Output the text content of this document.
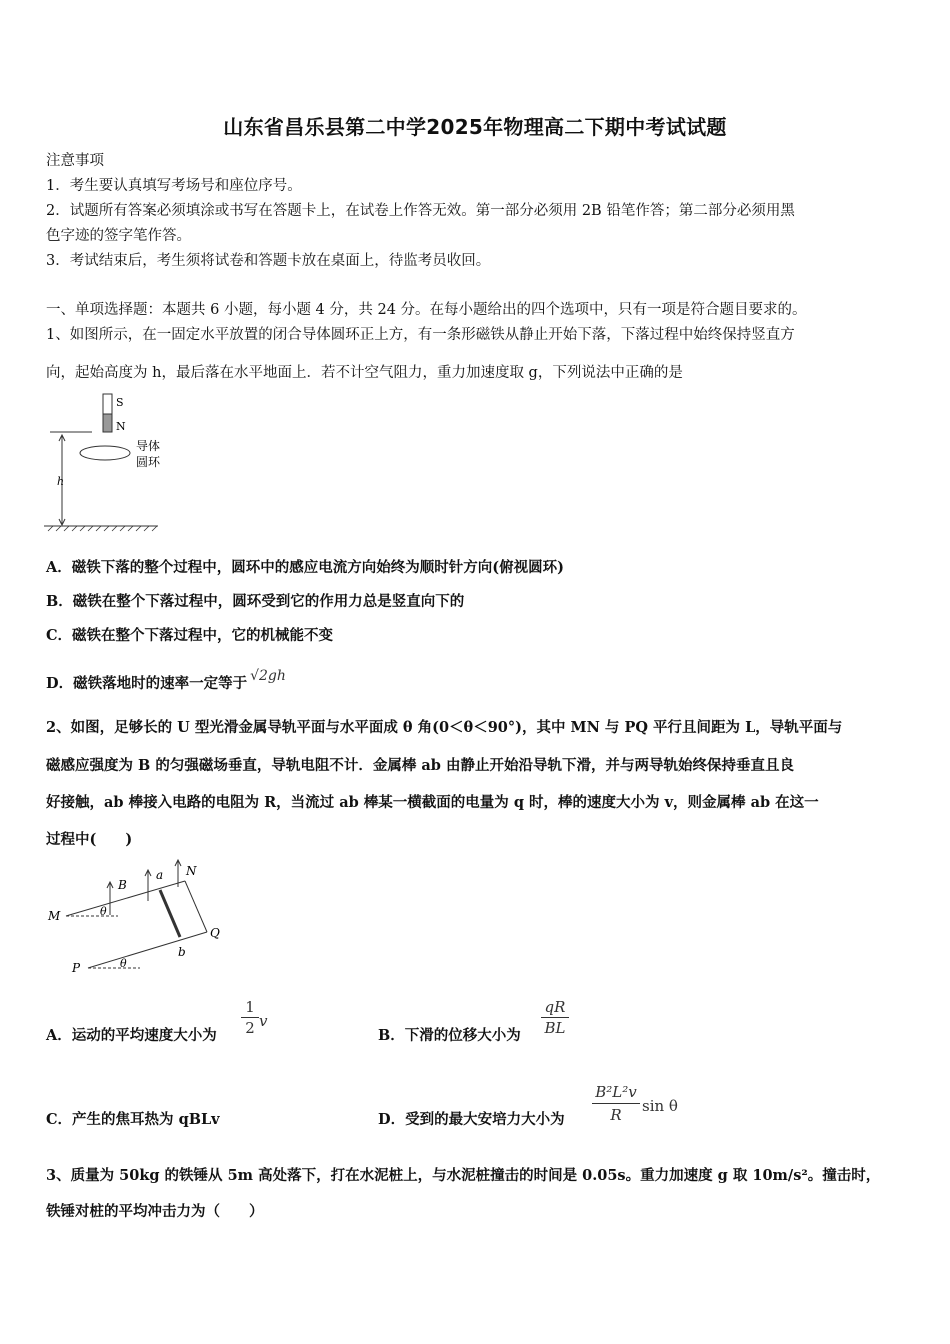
山东省昌乐县第二中学2025年物理高二下期中考试试题
注意事项
1．考生要认真填写考场号和座位序号。
2．试题所有答案必须填涂或书写在答题卡上，在试卷上作答无效。第一部分必须用 2B 铅笔作答；第二部分必须用黑
色字迹的签字笔作答。
3．考试结束后，考生须将试卷和答题卡放在桌面上，待监考员收回。
一、单项选择题：本题共 6 小题，每小题 4 分，共 24 分。在每小题给出的四个选项中，只有一项是符合题目要求的。
1、如图所示，在一固定水平放置的闭合导体圆环正上方，有一条形磁铁从静止开始下落，下落过程中始终保持竖直方
向，起始高度为 h，最后落在水平地面上．若不计空气阻力，重力加速度取 g，下列说法中正确的是
S
N
导体
圆环
h
A．磁铁下落的整个过程中，圆环中的感应电流方向始终为顺时针方向(俯视圆环)
B．磁铁在整个下落过程中，圆环受到它的作用力总是竖直向下的
C．磁铁在整个下落过程中，它的机械能不变
D．磁铁落地时的速率一定等于 √2gh
2、如图，足够长的 U 型光滑金属导轨平面与水平面成 θ 角(0＜θ＜90°)，其中 MN 与 PQ 平行且间距为 L，导轨平面与
磁感应强度为 B 的匀强磁场垂直，导轨电阻不计．金属棒 ab 由静止开始沿导轨下滑，并与两导轨始终保持垂直且良
好接触，ab 棒接入电路的电阻为 R，当流过 ab 棒某一横截面的电量为 q 时，棒的速度大小为 v，则金属棒 ab 在这一
过程中(　　)
M
N
P
Q
B
a
b
θ
θ
A．运动的平均速度大小为
1
2 v
B．下滑的位移大小为
qR
BL
C．产生的焦耳热为 qBLv	D．受到的最大安培力大小为
B²L²v
R	sin θ
3、质量为 50kg 的铁锤从 5m 高处落下，打在水泥桩上，与水泥桩撞击的时间是 0.05s。重力加速度 g 取 10m/s²。撞击时，
铁锤对桩的平均冲击力为（　　）
